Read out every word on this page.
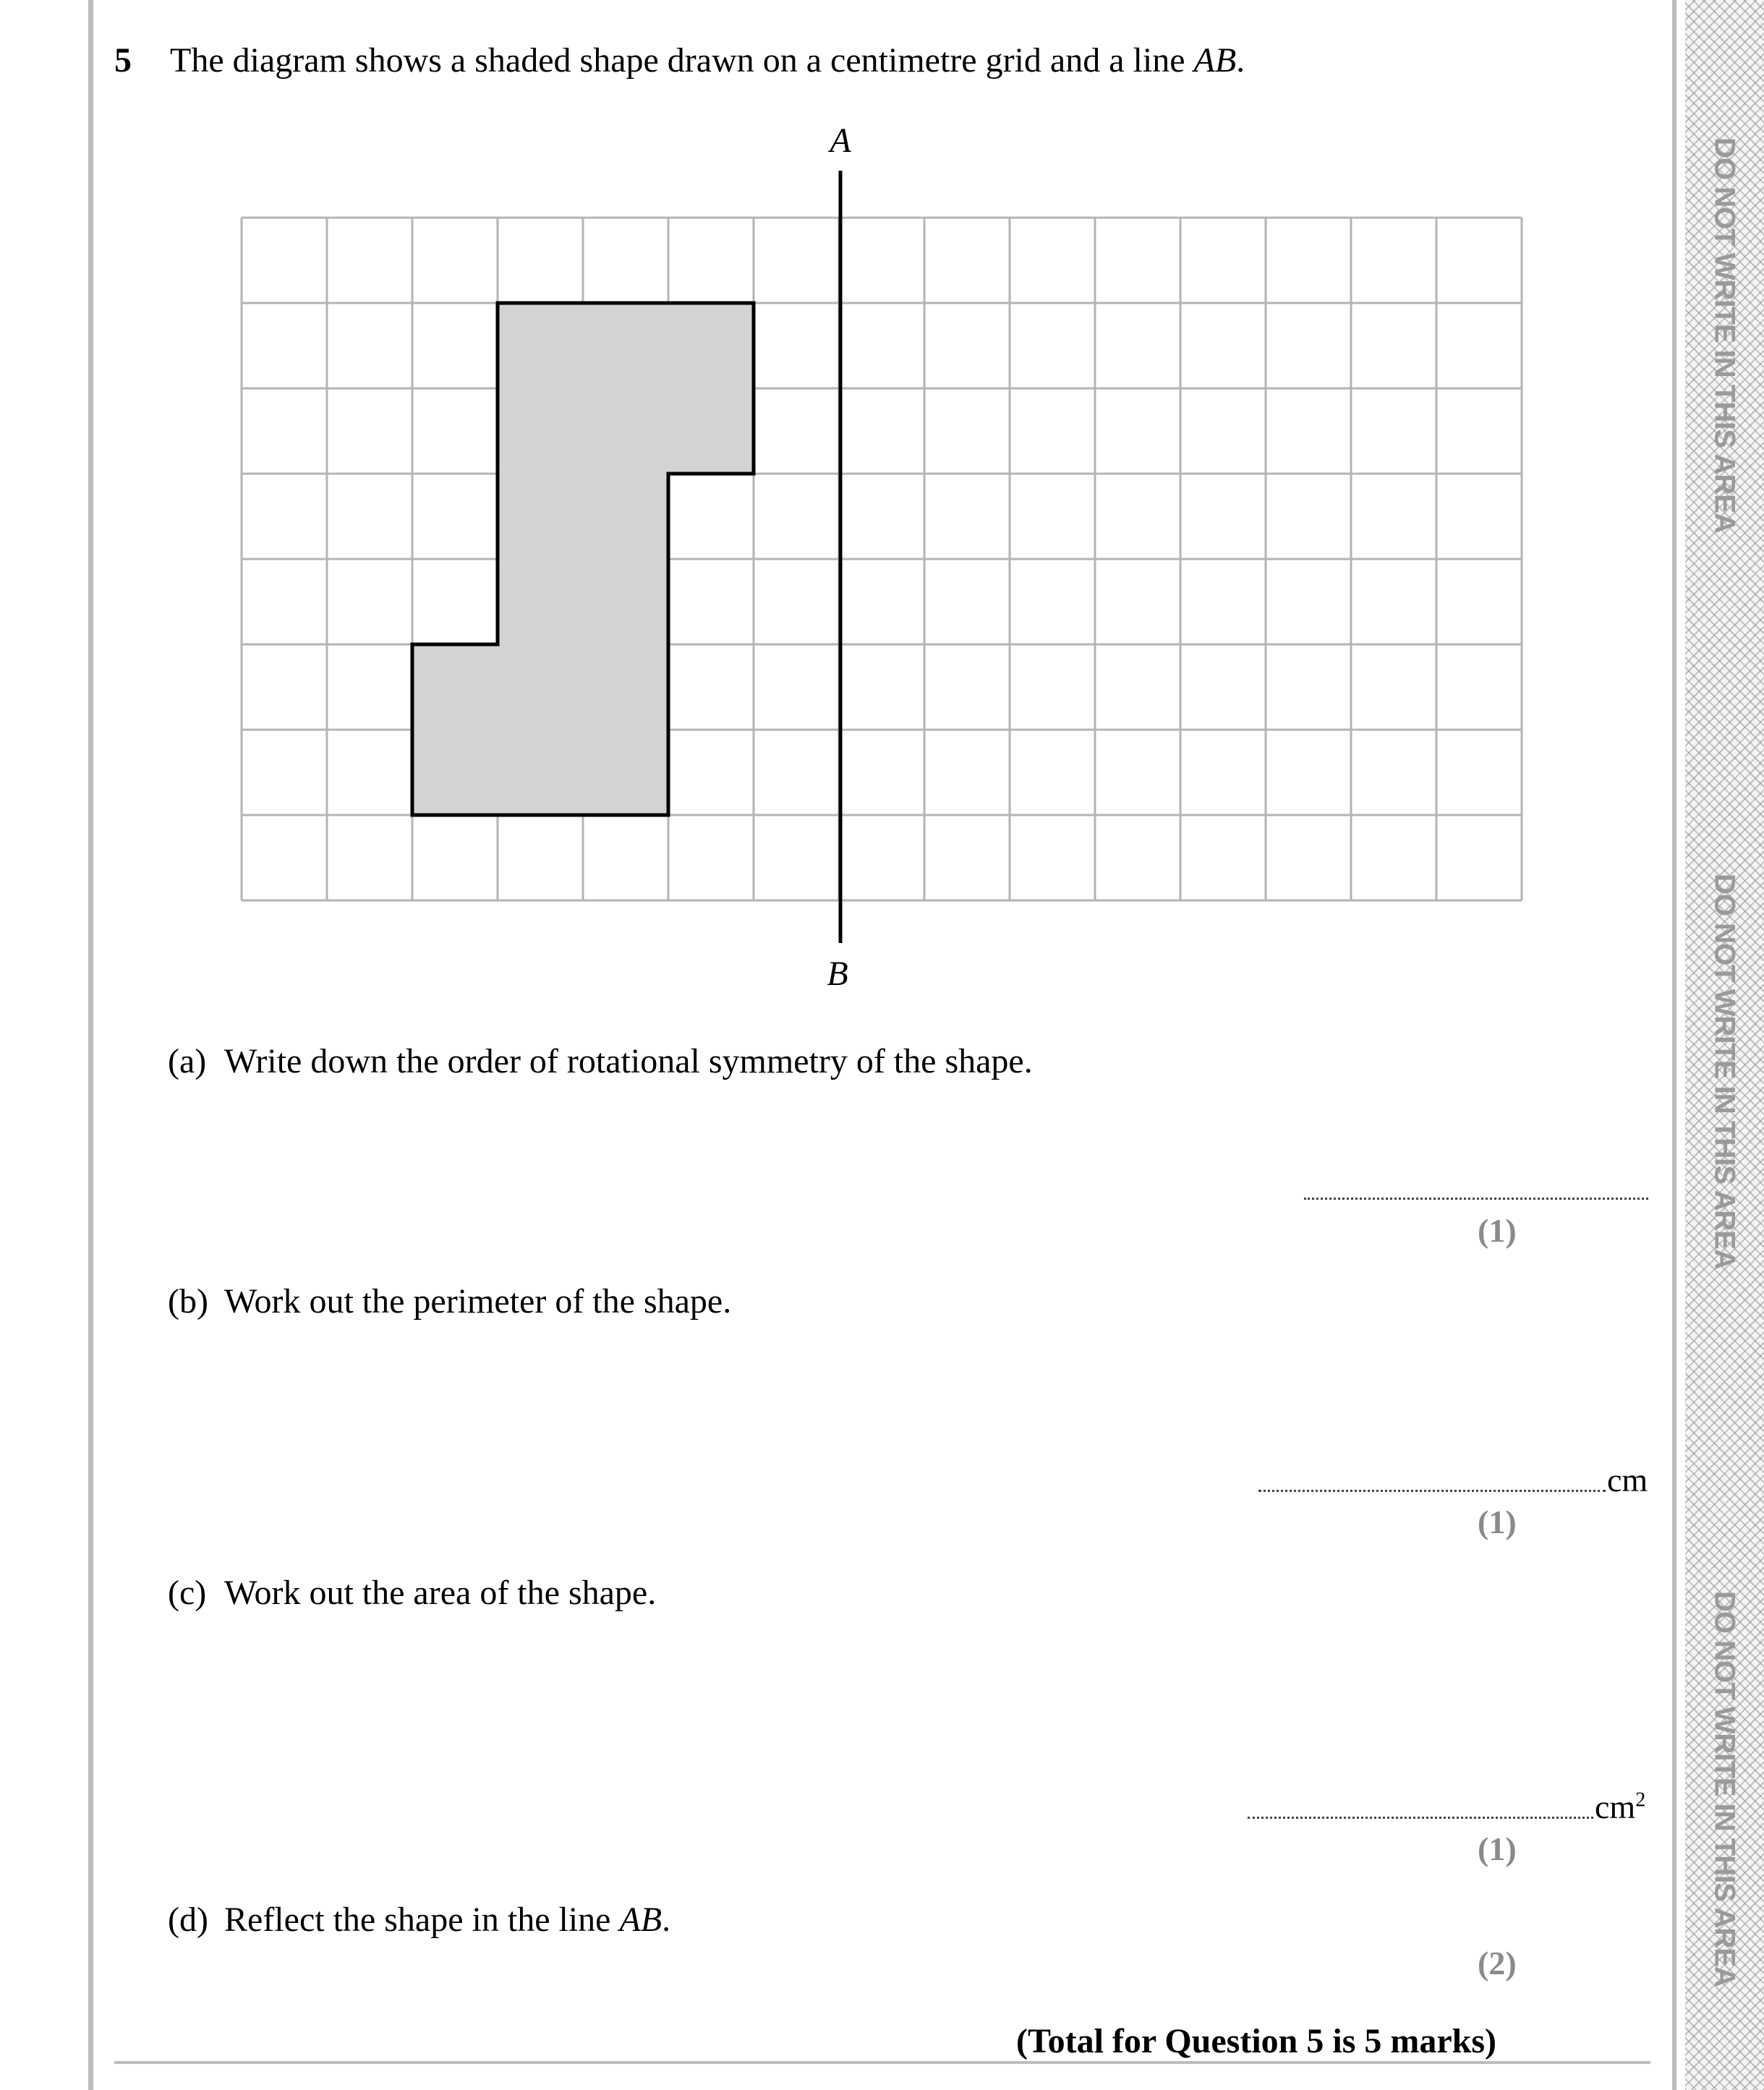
DO NOT WRITE IN THIS AREA
DO NOT WRITE IN THIS AREA
DO NOT WRITE IN THIS AREA
5 The diagram shows a shaded shape drawn on a centimetre grid and a line AB.
A
B
(a) Write down the order of rotational symmetry of the shape.
(1)
(b) Work out the perimeter of the shape.
cm
(1)
(c) Work out the area of the shape.
$cm^2$
(1)
(d) Reflect the shape in the line AB.
(2)
(Total for Question 5 is 5 marks)
